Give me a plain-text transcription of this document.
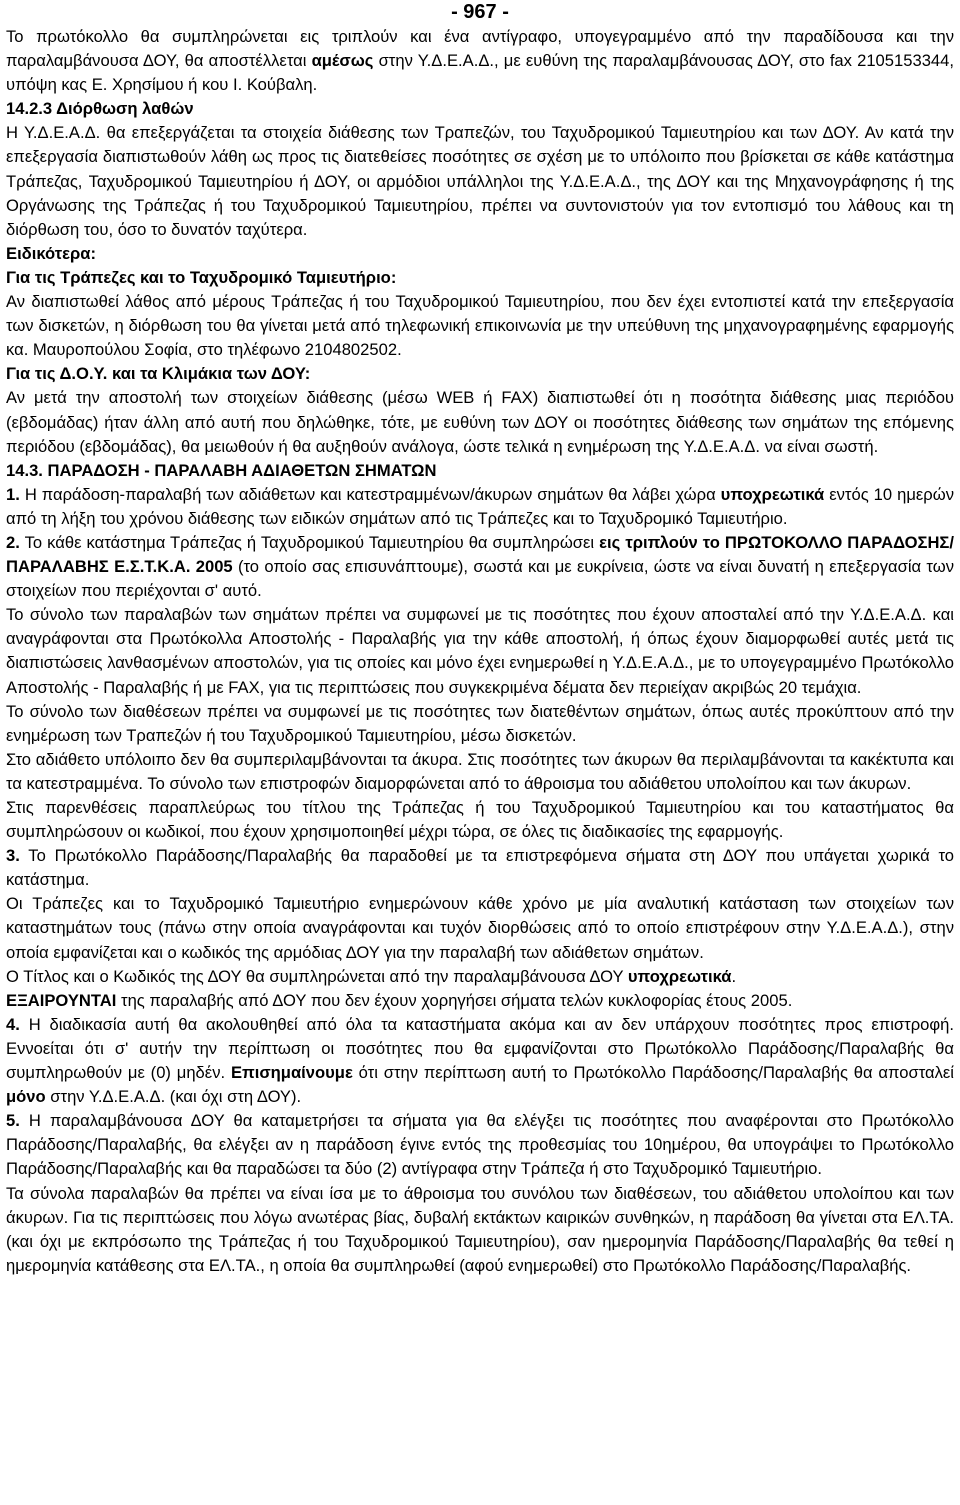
- 967 -

Το πρωτόκολλο θα συμπληρώνεται εις τριπλούν και ένα αντίγραφο, υπογεγραμμένο από την παραδίδουσα και την παραλαμβάνουσα ΔΟΥ, θα αποστέλλεται αμέσως στην Υ.Δ.Ε.Α.Δ., με ευθύνη της παραλαμβάνουσας ΔΟΥ, στο fax 2105153344, υπόψη κας Ε. Χρησίμου ή κου Ι. Κούβαλη.

14.2.3 Διόρθωση λαθών

Η Υ.Δ.Ε.Α.Δ. θα επεξεργάζεται τα στοιχεία διάθεσης των Τραπεζών, του Ταχυδρομικού Ταμιευτηρίου και των ΔΟΥ. Αν κατά την επεξεργασία διαπιστωθούν λάθη ως προς τις διατεθείσες ποσότητες σε σχέση με το υπόλοιπο που βρίσκεται σε κάθε κατάστημα Τράπεζας, Ταχυδρομικού Ταμιευτηρίου ή ΔΟΥ, οι αρμόδιοι υπάλληλοι της Υ.Δ.Ε.Α.Δ., της ΔΟΥ και της Μηχανογράφησης ή της Οργάνωσης της Τράπεζας ή του Ταχυδρομικού Ταμιευτηρίου, πρέπει να συντονιστούν για τον εντοπισμό του λάθους και τη διόρθωση του, όσο το δυνατόν ταχύτερα.

Ειδικότερα:
Για τις Τράπεζες και το Ταχυδρομικό Ταμιευτήριο:

Αν διαπιστωθεί λάθος από μέρους Τράπεζας ή του Ταχυδρομικού Ταμιευτηρίου, που δεν έχει εντοπιστεί κατά την επεξεργασία των δισκετών, η διόρθωση του θα γίνεται μετά από τηλεφωνική επικοινωνία με την υπεύθυνη της μηχανογραφημένης εφαρμογής κα. Μαυροπούλου Σοφία, στο τηλέφωνο 2104802502.

Για τις Δ.Ο.Υ. και τα Κλιμάκια των ΔΟΥ:

Αν μετά την αποστολή των στοιχείων διάθεσης (μέσω WEB ή FAX) διαπιστωθεί ότι η ποσότητα διάθεσης μιας περιόδου (εβδομάδας) ήταν άλλη από αυτή που δηλώθηκε, τότε, με ευθύνη των ΔΟΥ οι ποσότητες διάθεσης των σημάτων της επόμενης περιόδου (εβδομάδας), θα μειωθούν ή θα αυξηθούν ανάλογα, ώστε τελικά η ενημέρωση της Υ.Δ.Ε.Α.Δ. να είναι σωστή.

14.3. ΠΑΡΑΔΟΣΗ - ΠΑΡΑΛΑΒΗ ΑΔΙΑΘΕΤΩΝ ΣΗΜΑΤΩΝ

1. Η παράδοση-παραλαβή των αδιάθετων και κατεστραμμένων/άκυρων σημάτων θα λάβει χώρα υποχρεωτικά εντός 10 ημερών από τη λήξη του χρόνου διάθεσης των ειδικών σημάτων από τις Τράπεζες και το Ταχυδρομικό Ταμιευτήριο.

2. Το κάθε κατάστημα Τράπεζας ή Ταχυδρομικού Ταμιευτηρίου θα συμπληρώσει εις τριπλούν το ΠΡΩΤΟΚΟΛΛΟ ΠΑΡΑΔΟΣΗΣ/ΠΑΡΑΛΑΒΗΣ Ε.Σ.Τ.Κ.Α. 2005 (το οποίο σας επισυνάπτουμε), σωστά και με ευκρίνεια, ώστε να είναι δυνατή η επεξεργασία των στοιχείων που περιέχονται σ' αυτό.

Το σύνολο των παραλαβών των σημάτων πρέπει να συμφωνεί με τις ποσότητες που έχουν αποσταλεί από την Υ.Δ.Ε.Α.Δ. και αναγράφονται στα Πρωτόκολλα Αποστολής - Παραλαβής για την κάθε αποστολή, ή όπως έχουν διαμορφωθεί αυτές μετά τις διαπιστώσεις λανθασμένων αποστολών, για τις οποίες και μόνο έχει ενημερωθεί η Υ.Δ.Ε.Α.Δ., με το υπογεγραμμένο Πρωτόκολλο Αποστολής - Παραλαβής ή με FAX, για τις περιπτώσεις που συγκεκριμένα δέματα δεν περιείχαν ακριβώς 20 τεμάχια.

Το σύνολο των διαθέσεων πρέπει να συμφωνεί με τις ποσότητες των διατεθέντων σημάτων, όπως αυτές προκύπτουν από την ενημέρωση των Τραπεζών ή του Ταχυδρομικού Ταμιευτηρίου, μέσω δισκετών.

Στο αδιάθετο υπόλοιπο δεν θα συμπεριλαμβάνονται τα άκυρα. Στις ποσότητες των άκυρων θα περιλαμβάνονται τα κακέκτυπα και τα κατεστραμμένα. Το σύνολο των επιστροφών διαμορφώνεται από το άθροισμα του αδιάθετου υπολοίπου και των άκυρων.

Στις παρενθέσεις παραπλεύρως του τίτλου της Τράπεζας ή του Ταχυδρομικού Ταμιευτηρίου και του καταστήματος θα συμπληρώσουν οι κωδικοί, που έχουν χρησιμοποιηθεί μέχρι τώρα, σε όλες τις διαδικασίες της εφαρμογής.

3. Το Πρωτόκολλο Παράδοσης/Παραλαβής θα παραδοθεί με τα επιστρεφόμενα σήματα στη ΔΟΥ που υπάγεται χωρικά το κατάστημα.

Οι Τράπεζες και το Ταχυδρομικό Ταμιευτήριο ενημερώνουν κάθε χρόνο με μία αναλυτική κατάσταση των στοιχείων των καταστημάτων τους (πάνω στην οποία αναγράφονται και τυχόν διορθώσεις από το οποίο επιστρέφουν στην Υ.Δ.Ε.Α.Δ.), στην οποία εμφανίζεται και ο κωδικός της αρμόδιας ΔΟΥ για την παραλαβή των αδιάθετων σημάτων.

Ο Τίτλος και ο Κωδικός της ΔΟΥ θα συμπληρώνεται από την παραλαμβάνουσα ΔΟΥ υποχρεωτικά.

ΕΞΑΙΡΟΥΝΤΑΙ της παραλαβής από ΔΟΥ που δεν έχουν χορηγήσει σήματα τελών κυκλοφορίας έτους 2005.

4. Η διαδικασία αυτή θα ακολουθηθεί από όλα τα καταστήματα ακόμα και αν δεν υπάρχουν ποσότητες προς επιστροφή. Εννοείται ότι σ' αυτήν την περίπτωση οι ποσότητες που θα εμφανίζονται στο Πρωτόκολλο Παράδοσης/Παραλαβής θα συμπληρωθούν με (0) μηδέν. Επισημαίνουμε ότι στην περίπτωση αυτή το Πρωτόκολλο Παράδοσης/Παραλαβής θα αποσταλεί μόνο στην Υ.Δ.Ε.Α.Δ. (και όχι στη ΔΟΥ).

5. Η παραλαμβάνουσα ΔΟΥ θα καταμετρήσει τα σήματα για θα ελέγξει τις ποσότητες που αναφέρονται στο Πρωτόκολλο Παράδοσης/Παραλαβής, θα ελέγξει αν η παράδοση έγινε εντός της προθεσμίας του 10ημέρου, θα υπογράψει το Πρωτόκολλο Παράδοσης/Παραλαβής και θα παραδώσει τα δύο (2) αντίγραφα στην Τράπεζα ή στο Ταχυδρομικό Ταμιευτήριο.

Τα σύνολα παραλαβών θα πρέπει να είναι ίσα με το άθροισμα του συνόλου των διαθέσεων, του αδιάθετου υπολοίπου και των άκυρων. Για τις περιπτώσεις που λόγω ανωτέρας βίας, δυβαλή εκτάκτων καιρικών συνθηκών, η παράδοση θα γίνεται στα ΕΛ.ΤΑ. (και όχι με εκπρόσωπο της Τράπεζας ή του Ταχυδρομικού Ταμιευτηρίου), σαν ημερομηνία Παράδοσης/Παραλαβής θα τεθεί η ημερομηνία κατάθεσης στα ΕΛ.ΤΑ., η οποία θα συμπληρωθεί (αφού ενημερωθεί) στο Πρωτόκολλο Παράδοσης/Παραλαβής.
